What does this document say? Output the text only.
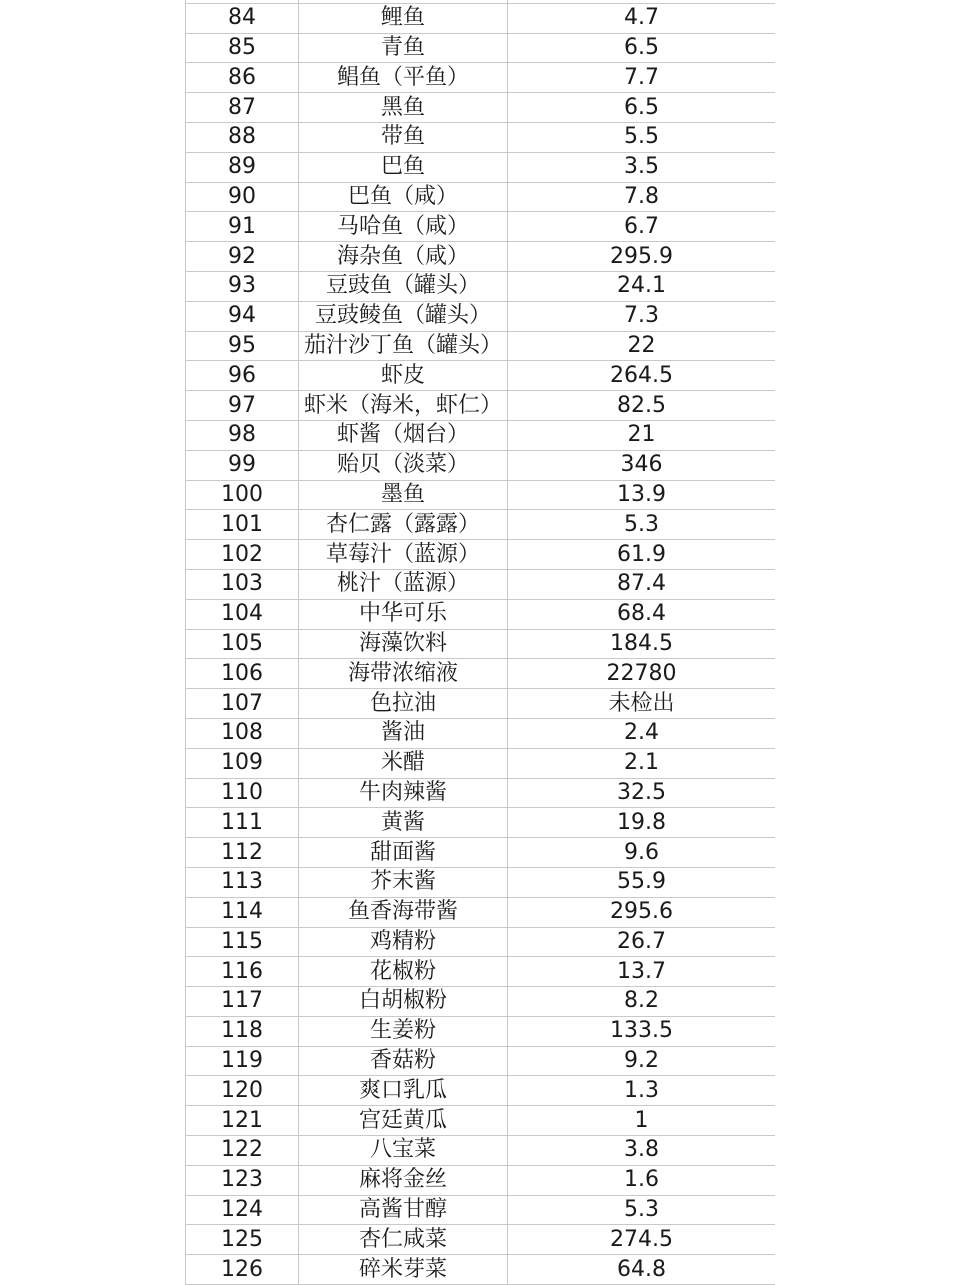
84	鲤鱼	4.7
85	青鱼	6.5
86	鲳鱼（平鱼）	7.7
87	黑鱼	6.5
88	带鱼	5.5
89	巴鱼	3.5
90	巴鱼（咸）	7.8
91	马哈鱼（咸）	6.7
92	海杂鱼（咸）	295.9
93	豆豉鱼（罐头）	24.1
94	豆豉鲮鱼（罐头）	7.3
95	茄汁沙丁鱼（罐头）	22
96	虾皮	264.5
97	虾米（海米，虾仁）	82.5
98	虾酱（烟台）	21
99	贻贝（淡菜）	346
100	墨鱼	13.9
101	杏仁露（露露）	5.3
102	草莓汁（蓝源）	61.9
103	桃汁（蓝源）	87.4
104	中华可乐	68.4
105	海藻饮料	184.5
106	海带浓缩液	22780
107	色拉油	未检出
108	酱油	2.4
109	米醋	2.1
110	牛肉辣酱	32.5
111	黄酱	19.8
112	甜面酱	9.6
113	芥末酱	55.9
114	鱼香海带酱	295.6
115	鸡精粉	26.7
116	花椒粉	13.7
117	白胡椒粉	8.2
118	生姜粉	133.5
119	香菇粉	9.2
120	爽口乳瓜	1.3
121	宫廷黄瓜	1
122	八宝菜	3.8
123	麻将金丝	1.6
124	高酱甘醇	5.3
125	杏仁咸菜	274.5
126	碎米芽菜	64.8
